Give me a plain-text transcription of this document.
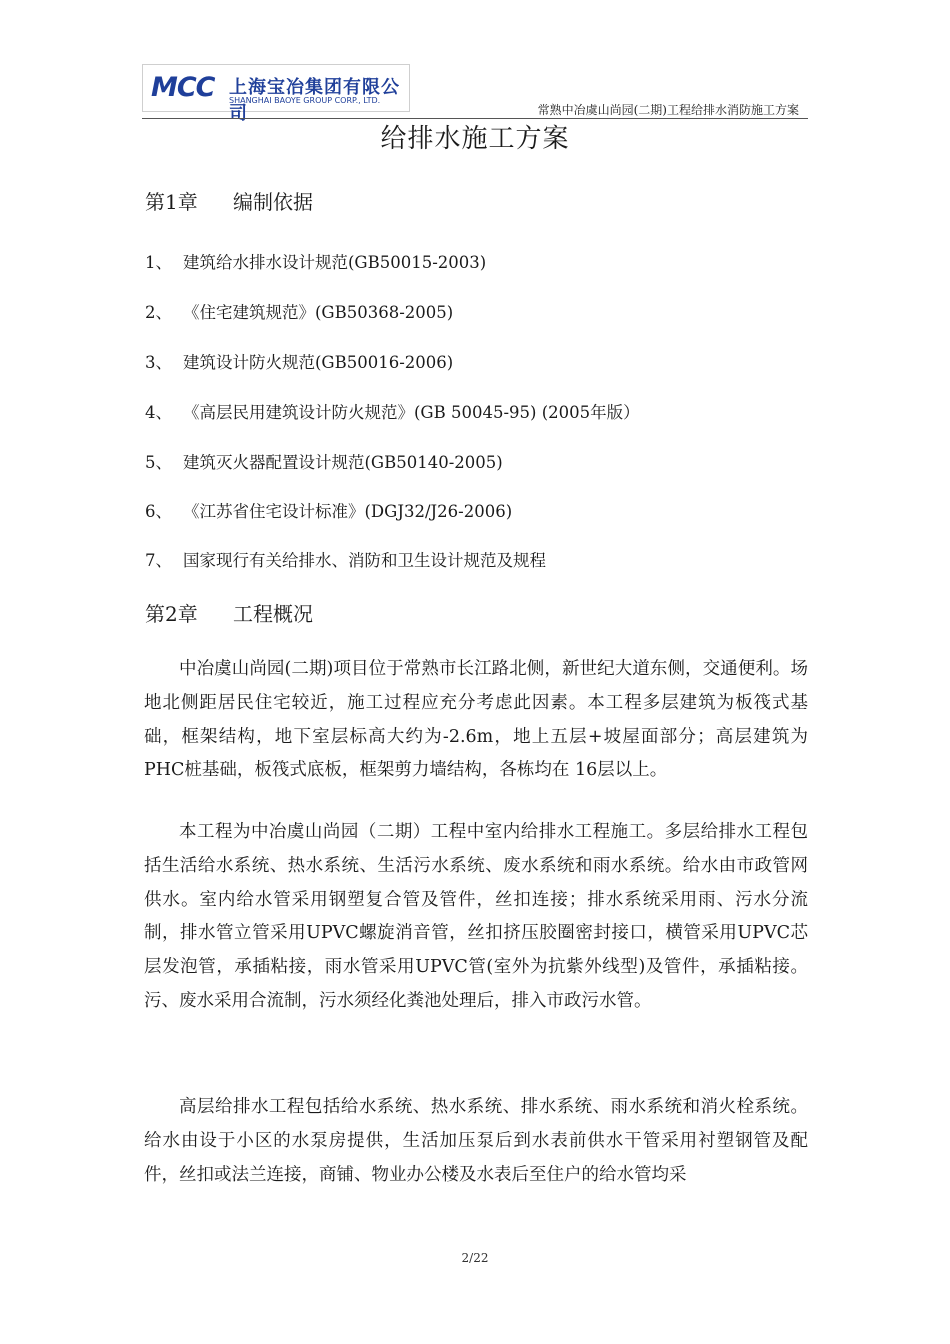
MCC 上海宝冶集团有限公司
SHANGHAI BAOYE GROUP CORP., LTD.
常熟中冶虞山尚园(二期)工程给排水消防施工方案
给排水施工方案
第1章 编制依据
1、 建筑给水排水设计规范(GB50015-2003)
2、 《住宅建筑规范》(GB50368-2005)
3、 建筑设计防火规范(GB50016-2006)
4、 《高层民用建筑设计防火规范》(GB 50045-95) (2005年版）
5、 建筑灭火器配置设计规范(GB50140-2005)
6、 《江苏省住宅设计标准》(DGJ32/J26-2006)
7、 国家现行有关给排水、消防和卫生设计规范及规程
第2章 工程概况

中冶虞山尚园(二期)项目位于常熟市长江路北侧，新世纪大道东侧，交通便利。场地北侧距居民住宅较近，施工过程应充分考虑此因素。本工程多层建筑为板筏式基础，框架结构，地下室层标高大约为-2.6m，地上五层+坡屋面部分；高层建筑为PHC桩基础，板筏式底板，框架剪力墙结构，各栋均在 16层以上。

本工程为中冶虞山尚园（二期）工程中室内给排水工程施工。多层给排水工程包括生活给水系统、热水系统、生活污水系统、废水系统和雨水系统。给水由市政管网供水。室内给水管采用钢塑复合管及管件，丝扣连接；排水系统采用雨、污水分流制，排水管立管采用UPVC螺旋消音管，丝扣挤压胶圈密封接口，横管采用UPVC芯层发泡管，承插粘接，雨水管采用UPVC管(室外为抗紫外线型)及管件，承插粘接。污、废水采用合流制，污水须经化粪池处理后，排入市政污水管。

高层给排水工程包括给水系统、热水系统、排水系统、雨水系统和消火栓系统。给水由设于小区的水泵房提供，生活加压泵后到水表前供水干管采用衬塑钢管及配件，丝扣或法兰连接，商铺、物业办公楼及水表后至住户的给水管均采

2/22
